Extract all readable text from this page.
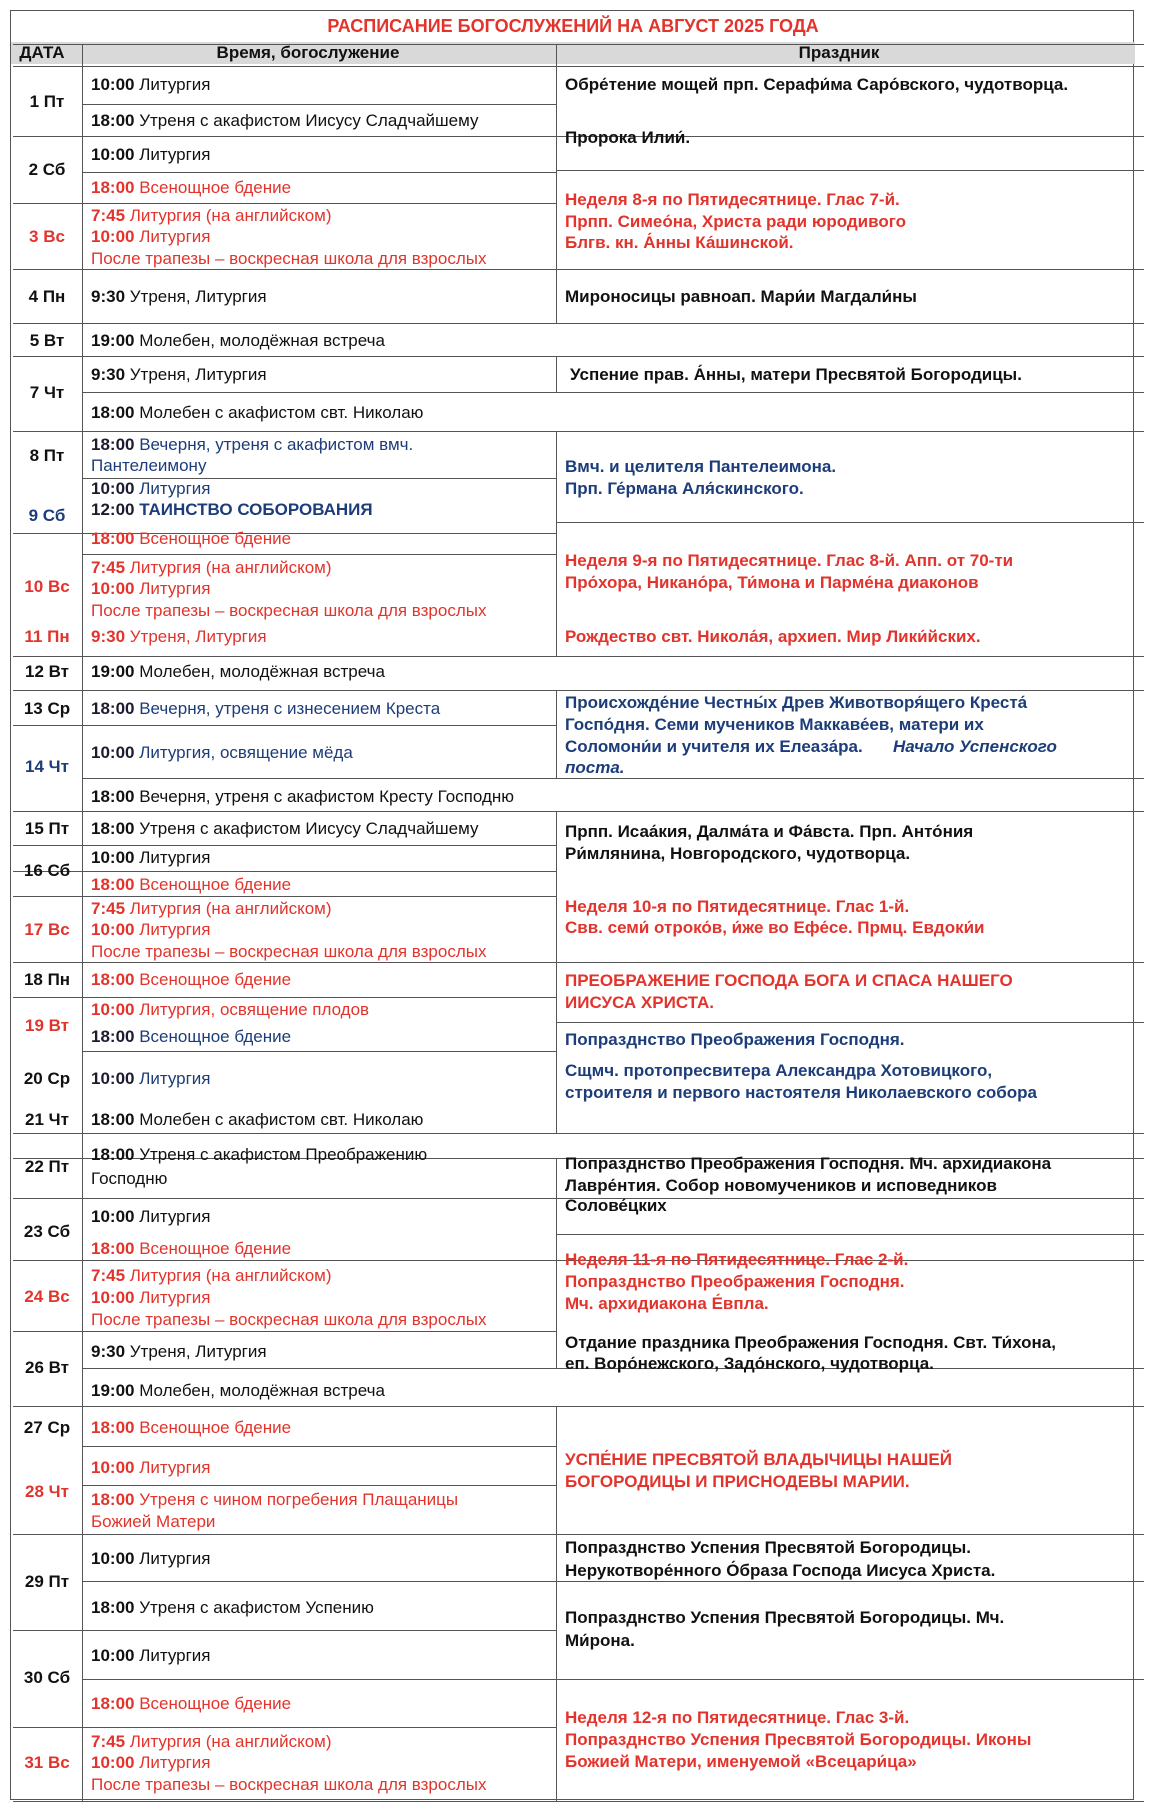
РАСПИСАНИЕ БОГОСЛУЖЕНИЙ НА АВГУСТ 2025 ГОДА
ДАТА	Время, богослужение	Праздник
1 Пт
2 Сб
3 Вс
4 Пн
5 Вт
7 Чт
8 Пт
9 Сб
10 Вс
11 Пн
12 Вт
13 Ср
14 Чт
15 Пт
16 Сб
17 Вс
18 Пн
19 Вт
20 Ср
21 Чт
22 Пт
23 Сб
24 Вс
26 Вт
27 Ср
28 Чт
29 Пт
30 Сб
31 Вс
10:00 Литургия
18:00 Утреня с акафистом Иисусу Сладчайшему
10:00 Литургия
18:00 Всенощное бдение
7:45 Литургия (на английском)
10:00 Литургия
После трапезы – воскресная школа для взрослых
9:30 Утреня, Литургия
19:00 Молебен, молодёжная встреча
9:30 Утреня, Литургия
18:00 Молебен с акафистом свт. Николаю
18:00 Вечерня, утреня с акафистом вмч.
Пантелеимону
10:00 Литургия
12:00 ТАИНСТВО СОБОРОВАНИЯ
18:00 Всенощное бдение
7:45 Литургия (на английском)
10:00 Литургия
После трапезы – воскресная школа для взрослых
9:30 Утреня, Литургия
19:00 Молебен, молодёжная встреча
18:00 Вечерня, утреня с изнесением Креста
10:00 Литургия, освящение мёда
18:00 Вечерня, утреня с акафистом Кресту Господню
18:00 Утреня с акафистом Иисусу Сладчайшему
10:00 Литургия
18:00 Всенощное бдение
7:45 Литургия (на английском)
10:00 Литургия
После трапезы – воскресная школа для взрослых
18:00 Всенощное бдение
10:00 Литургия, освящение плодов
18:00 Всенощное бдение
10:00 Литургия
18:00 Молебен с акафистом свт. Николаю
18:00 Утреня с акафистом Преображению
Господню
10:00 Литургия
18:00 Всенощное бдение
7:45 Литургия (на английском)
10:00 Литургия
После трапезы – воскресная школа для взрослых
9:30 Утреня, Литургия
19:00 Молебен, молодёжная встреча
18:00 Всенощное бдение
10:00 Литургия
18:00 Утреня с чином погребения Плащаницы
Божией Матери
10:00 Литургия
18:00 Утреня с акафистом Успению
10:00 Литургия
18:00 Всенощное бдение
7:45 Литургия (на английском)
10:00 Литургия
После трапезы – воскресная школа для взрослых
Обре́тение мощей прп. Серафи́ма Саро́вского, чудотворца.
Пророка Илии́.
Неделя 8-я по Пятидесятнице. Глас 7-й.
Прпп. Симео́на, Христа ради юродивого
Блгв. кн. А́нны Ка́шинской.
Мироносицы равноап. Мари́и Магдали́ны
Успение прав. А́нны, матери Пресвятой Богородицы.
Вмч. и целителя Пантелеимона.
Прп. Ге́рмана Аля́скинского.
Неделя 9-я по Пятидесятнице. Глас 8-й. Апп. от 70-ти
Про́хора, Никано́ра, Ти́мона и Парме́на диаконов
Рождество свт. Никола́я, архиеп. Мир Лики́йских.
Происхожде́ние Честны́х Древ Животворя́щего Креста́
Госпо́дня. Семи мучеников Маккаве́ев, матери их
Соломони́и и учителя их Елеаза́ра. Начало Успенского
поста.
Прпп. Исаа́кия, Далма́та и Фа́вста. Прп. Анто́ния
Ри́млянина, Новгородского, чудотворца.
Неделя 10-я по Пятидесятнице. Глас 1-й.
Свв. семи́ отроко́в, и́же во Ефе́се. Прмц. Евдоки́и
ПРЕОБРАЖЕНИЕ ГОСПОДА БОГА И СПАСА НАШЕГО
ИИСУСА ХРИСТА.
Попразднство Преображения Господня.
Сщмч. протопресвитера Александра Хотовицкого,
строителя и первого настоятеля Николаевского собора
Попразднство Преображения Господня. Мч. архидиакона
Лавре́нтия. Собор новомучеников и исповедников
Солове́цких
Неделя 11-я по Пятидесятнице. Глас 2-й.
Попразднство Преображения Господня.
Мч. архидиакона Е́впла.
Отдание праздника Преображения Господня. Свт. Ти́хона,
еп. Воро́нежского, Задо́нского, чудотворца.
УСПЕ́НИЕ ПРЕСВЯТОЙ ВЛАДЫЧИЦЫ НАШЕЙ
БОГОРОДИЦЫ И ПРИСНОДЕВЫ МАРИИ.
Попразднство Успения Пресвятой Богородицы.
Нерукотворе́нного О́браза Господа Иисуса Христа.
Попразднство Успения Пресвятой Богородицы. Мч.
Ми́рона.
Неделя 12-я по Пятидесятнице. Глас 3-й.
Попразднство Успения Пресвятой Богородицы. Иконы
Божией Матери, именуемой «Всецари́ца»
